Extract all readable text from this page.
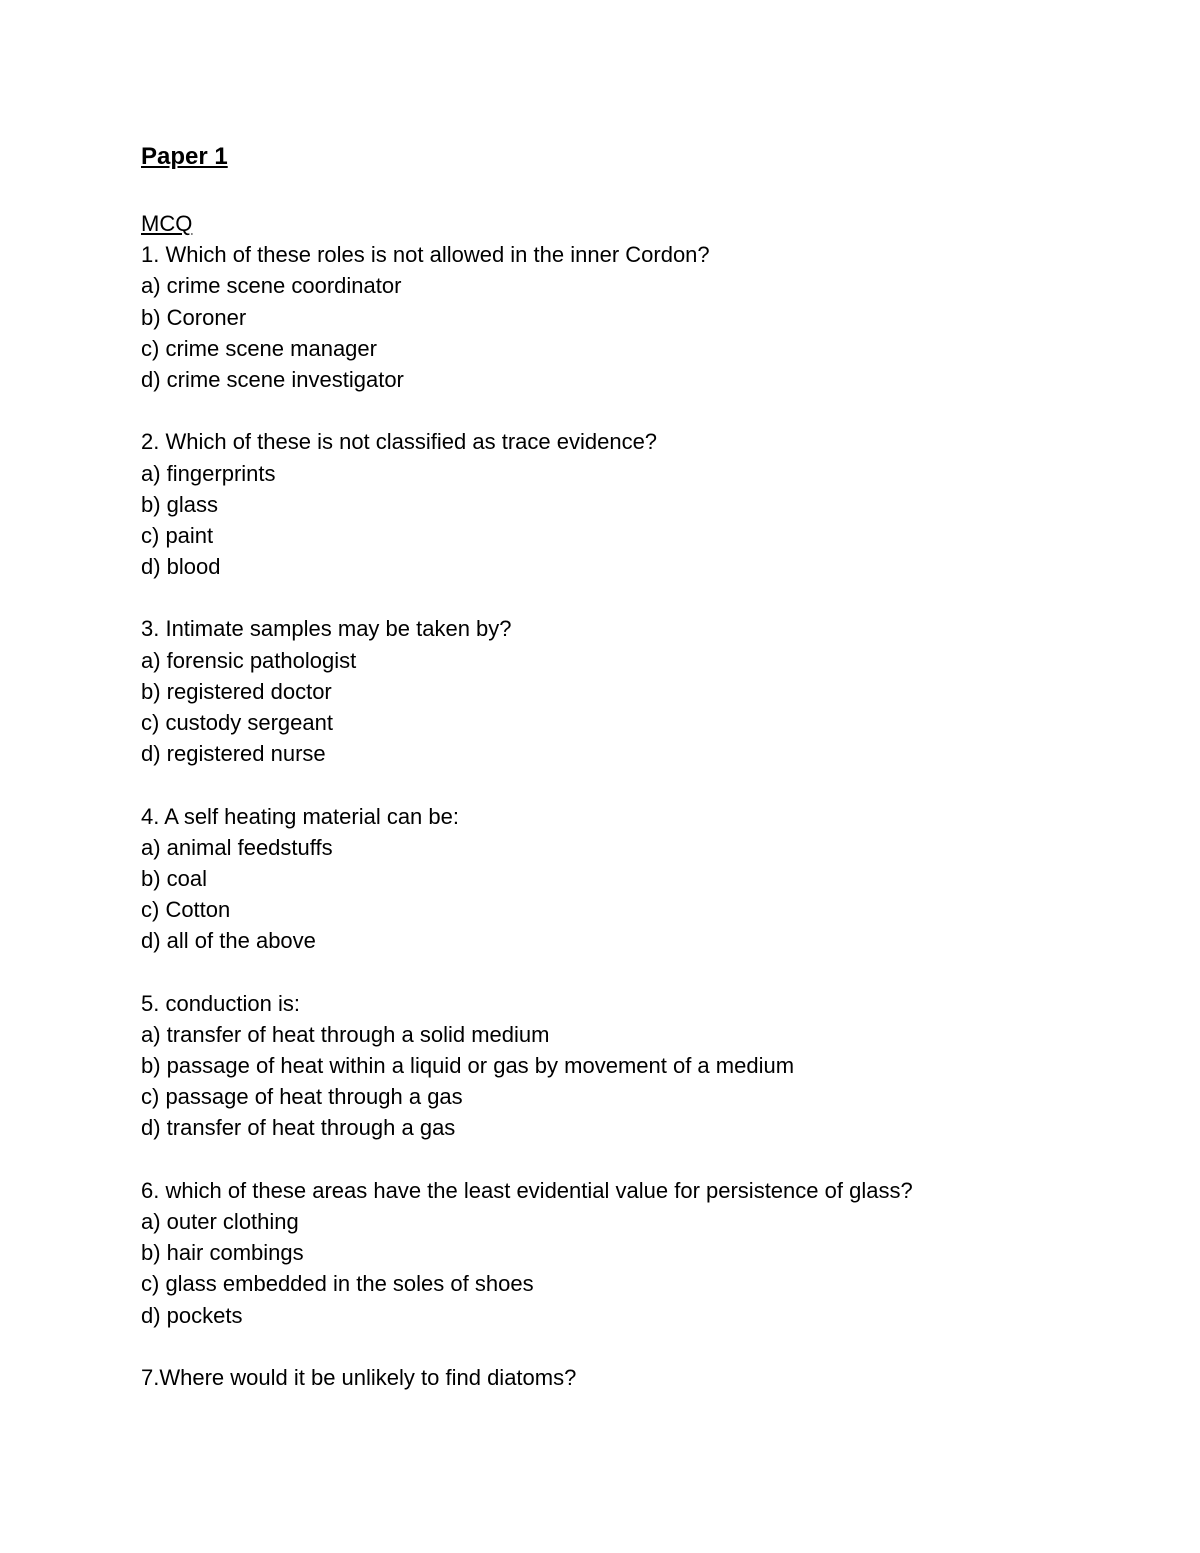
Paper 1
MCQ
1. Which of these roles is not allowed in the inner Cordon?
a) crime scene coordinator
b) Coroner
c) crime scene manager
d) crime scene investigator
2. Which of these is not classified as trace evidence?
a) fingerprints
b) glass
c) paint
d) blood
3. Intimate samples may be taken by?
a) forensic pathologist
b) registered doctor
c) custody sergeant
d) registered nurse
4. A self heating material can be:
a) animal feedstuffs
b) coal
c) Cotton
d) all of the above
5. conduction is:
a) transfer of heat through a solid medium
b) passage of heat within a liquid or gas by movement of a medium
c) passage of heat through a gas
d) transfer of heat through a gas
6. which of these areas have the least evidential value for persistence of glass?
a) outer clothing
b) hair combings
c) glass embedded in the soles of shoes
d) pockets
7.Where would it be unlikely to find diatoms?
